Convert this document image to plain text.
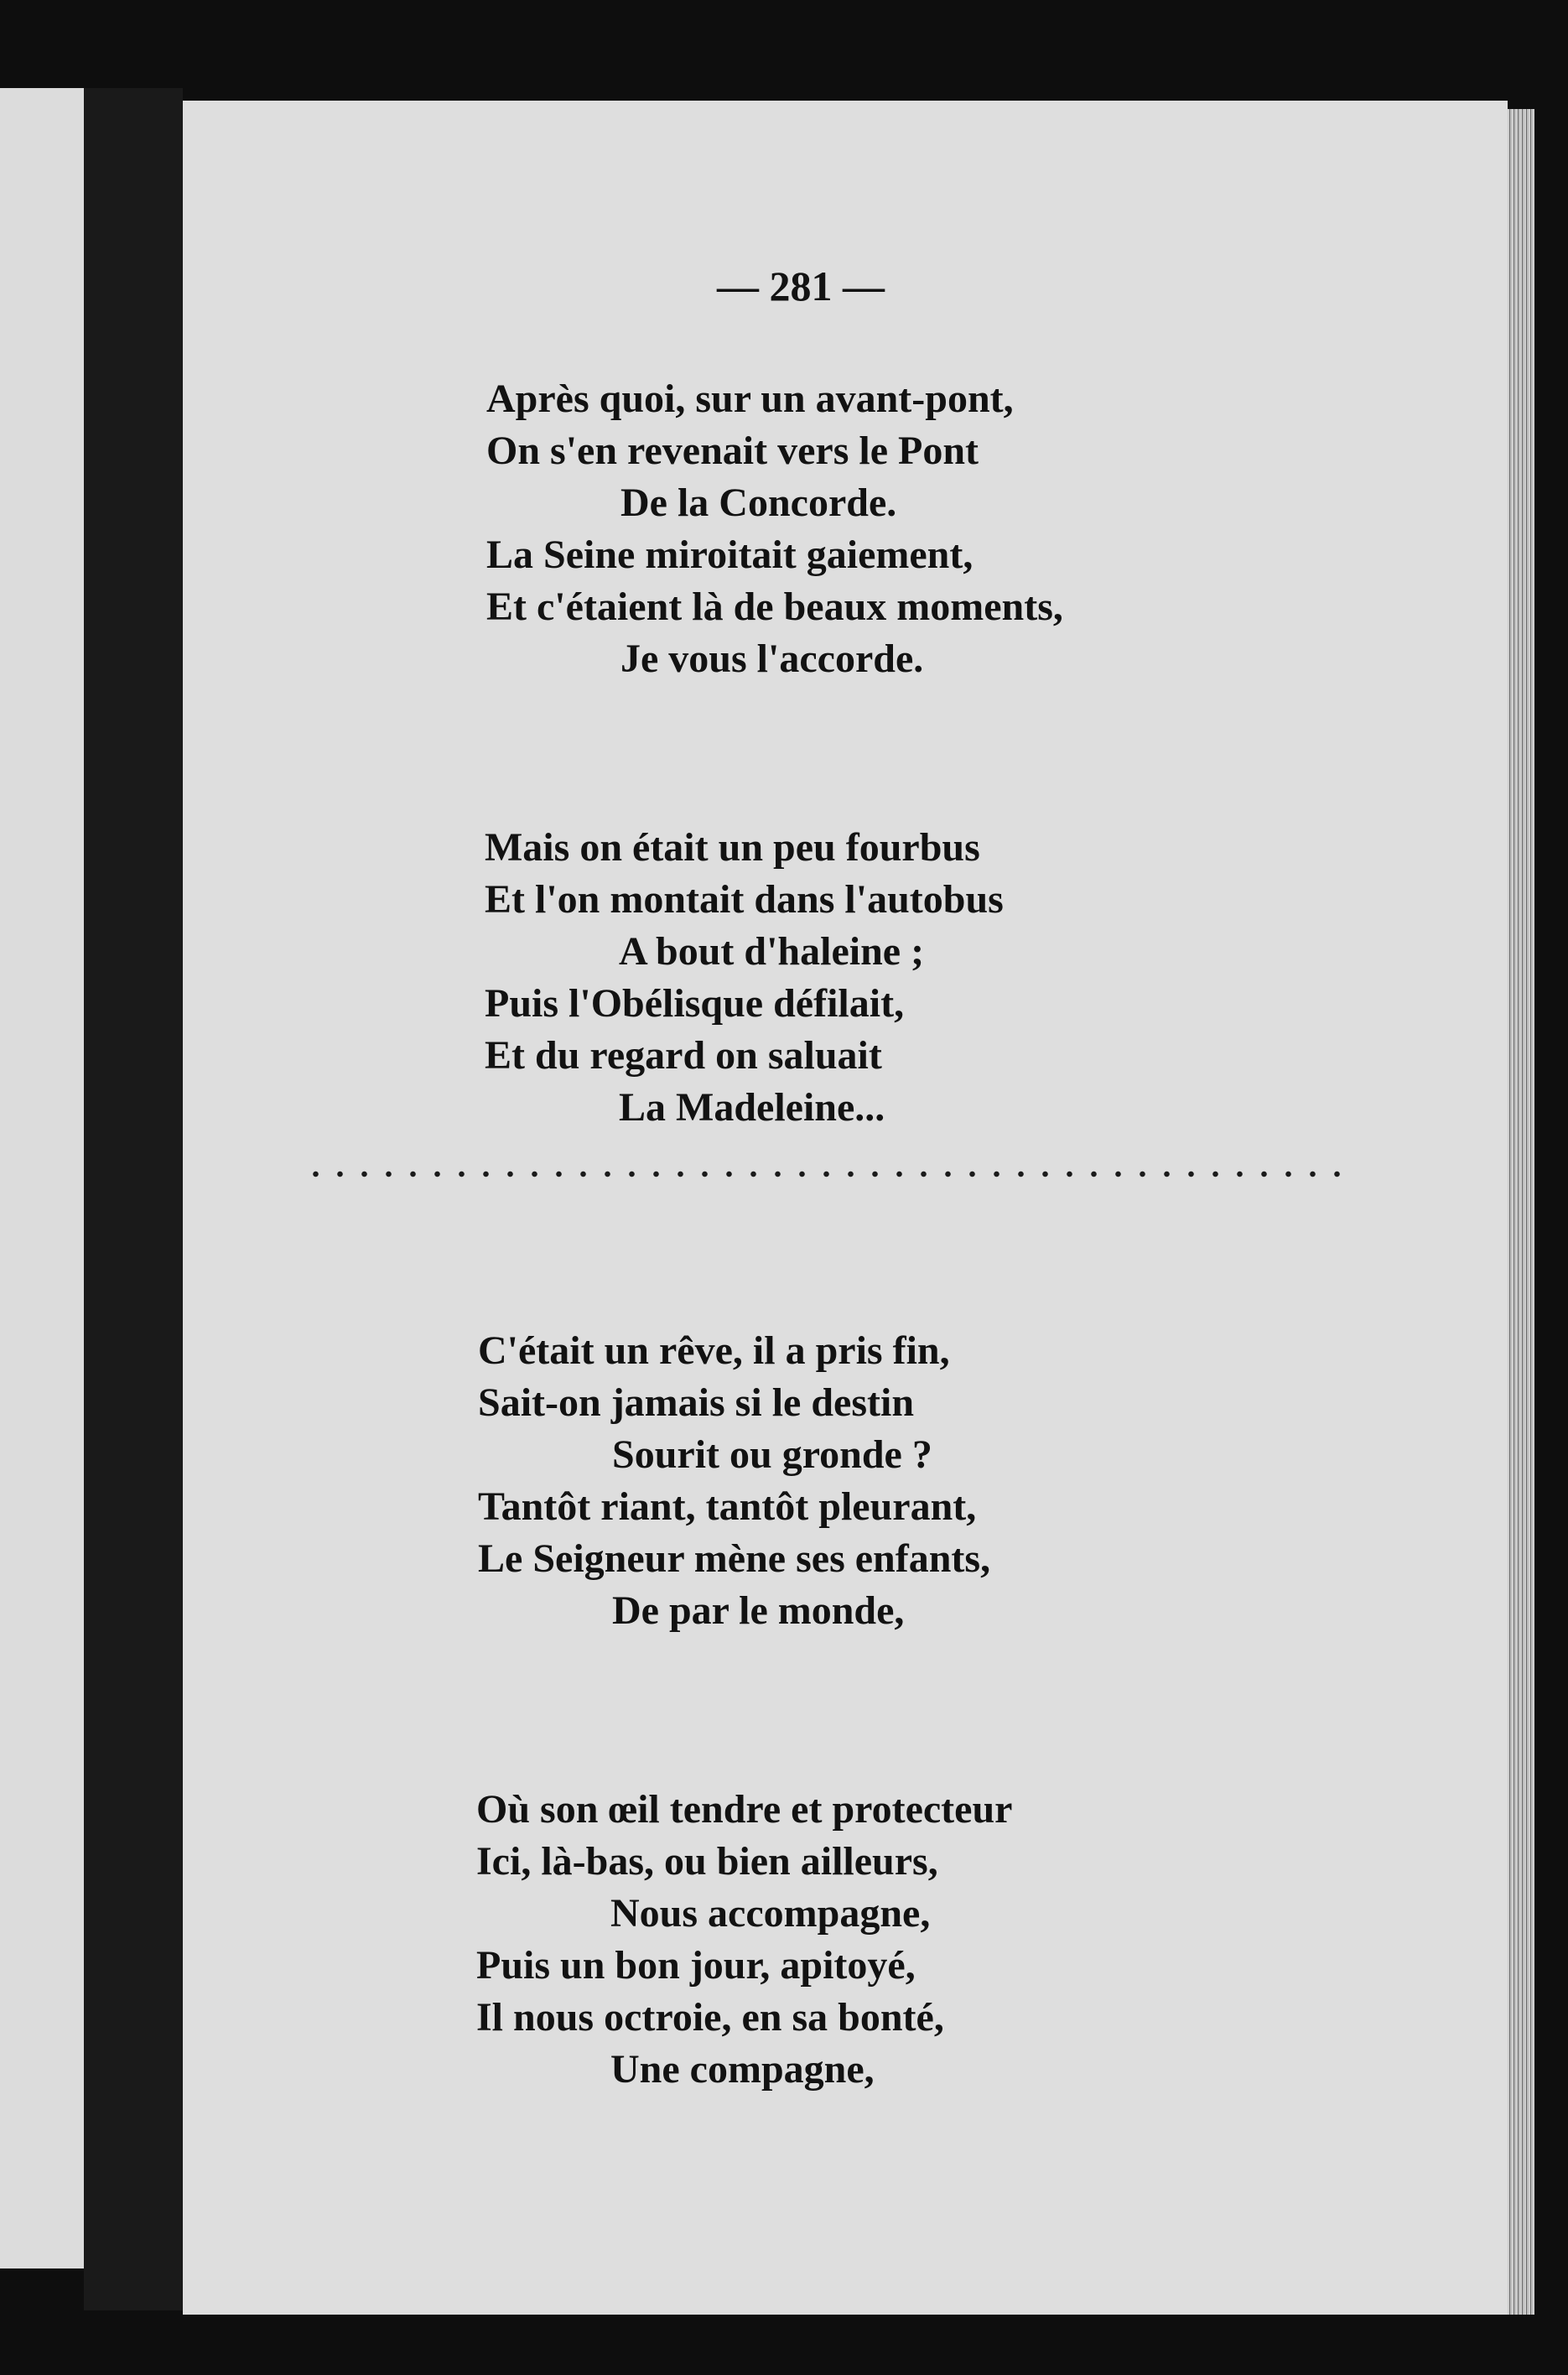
— 281 —
Après quoi, sur un avant-pont,
On s'en revenait vers le Pont
De la Concorde.
La Seine miroitait gaiement,
Et c'étaient là de beaux moments,
Je vous l'accorde.
Mais on était un peu fourbus
Et l'on montait dans l'autobus
A bout d'haleine ;
Puis l'Obélisque défilait,
Et du regard on saluait
La Madeleine...
C'était un rêve, il a pris fin,
Sait-on jamais si le destin
Sourit ou gronde ?
Tantôt riant, tantôt pleurant,
Le Seigneur mène ses enfants,
De par le monde,
Où son œil tendre et protecteur
Ici, là-bas, ou bien ailleurs,
Nous accompagne,
Puis un bon jour, apitoyé,
Il nous octroie, en sa bonté,
Une compagne,
